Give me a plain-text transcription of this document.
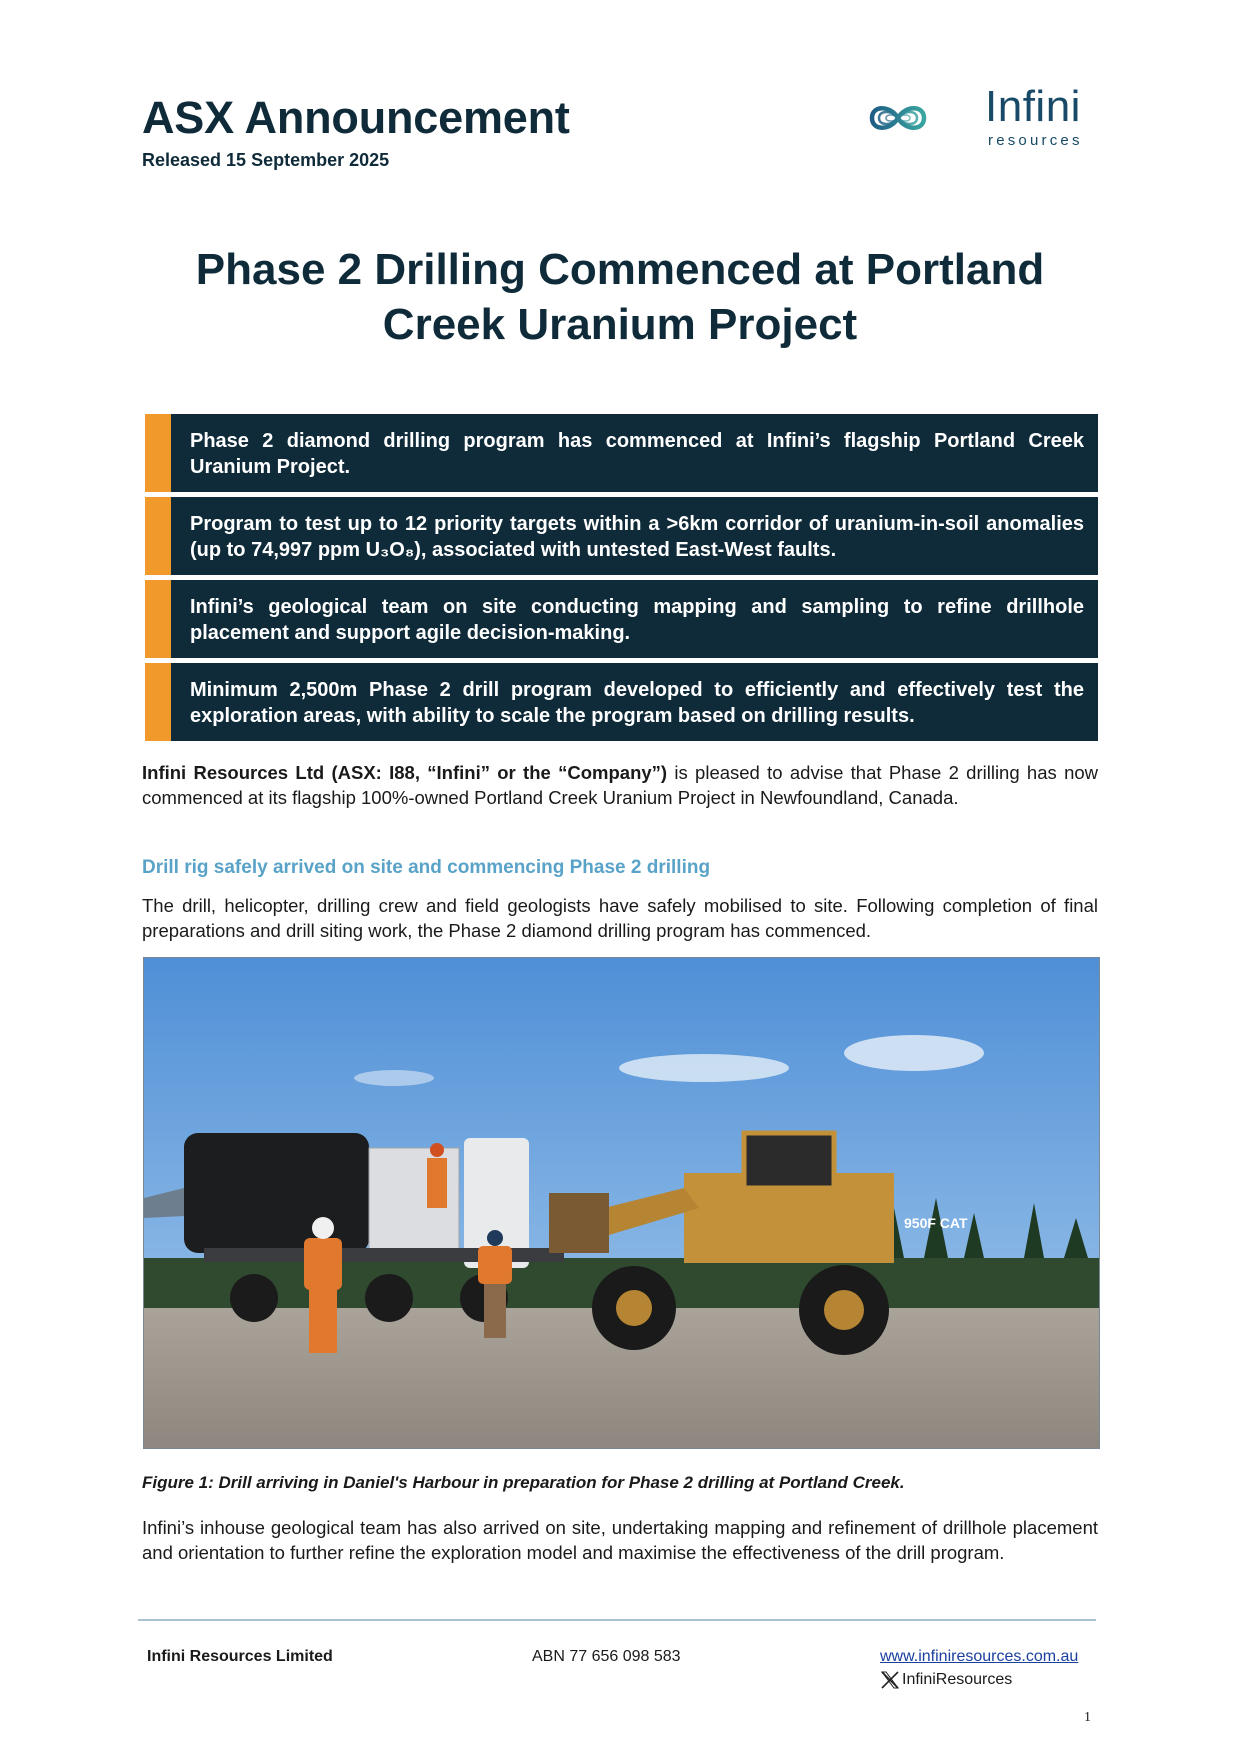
ASX Announcement
Released 15 September 2025
Infini
resources
Phase 2 Drilling Commenced at Portland
Creek Uranium Project
Phase 2 diamond drilling program has commenced at Infini’s flagship Portland Creek Uranium Project.
Program to test up to 12 priority targets within a >6km corridor of uranium-in-soil anomalies (up to 74,997 ppm U₃O₈), associated with untested East-West faults.
Infini’s geological team on site conducting mapping and sampling to refine drillhole placement and support agile decision-making.
Minimum 2,500m Phase 2 drill program developed to efficiently and effectively test the exploration areas, with ability to scale the program based on drilling results.
Infini Resources Ltd (ASX: I88, “Infini” or the “Company”) is pleased to advise that Phase 2 drilling has now commenced at its flagship 100%-owned Portland Creek Uranium Project in Newfoundland, Canada.
Drill rig safely arrived on site and commencing Phase 2 drilling
The drill, helicopter, drilling crew and field geologists have safely mobilised to site. Following completion of final preparations and drill siting work, the Phase 2 diamond drilling program has commenced.
950F CAT
Figure 1: Drill arriving in Daniel's Harbour in preparation for Phase 2 drilling at Portland Creek.
Infini’s inhouse geological team has also arrived on site, undertaking mapping and refinement of drillhole placement and orientation to further refine the exploration model and maximise the effectiveness of the drill program.
Infini Resources Limited	ABN 77 656 098 583	www.infiniresources.com.au
InfiniResources
1
